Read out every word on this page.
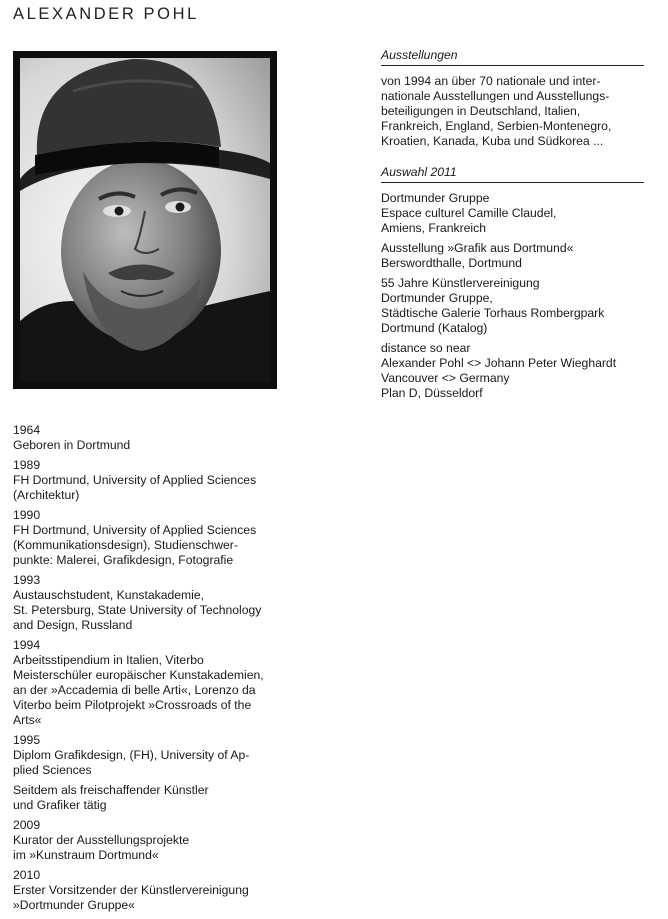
ALEXANDER POHL
1964
Geboren in Dortmund
1989
FH Dortmund, University of Applied Sciences
(Architektur)
1990
FH Dortmund, University of Applied Sciences
(Kommunikationsdesign), Studienschwer-
punkte: Malerei, Grafikdesign, Fotografie
1993
Austauschstudent, Kunstakademie,
St. Petersburg, State University of Technology
and Design, Russland
1994
Arbeitsstipendium in Italien, Viterbo
Meisterschüler europäischer Kunstakademien,
an der »Accademia di belle Arti«, Lorenzo da
Viterbo beim Pilotprojekt »Crossroads of the
Arts«
1995
Diplom Grafikdesign, (FH), University of Ap-
plied Sciences
Seitdem als freischaffender Künstler
und Grafiker tätig
2009
Kurator der Ausstellungsprojekte
im »Kunstraum Dortmund«
2010
Erster Vorsitzender der Künstlervereinigung
»Dortmunder Gruppe«
Ausstellungen

von 1994 an über 70 nationale und inter-
nationale Ausstellungen und Ausstellungs-
beteiligungen in Deutschland, Italien,
Frankreich, England, Serbien-Montenegro,
Kroatien, Kanada, Kuba und Südkorea ...

Auswahl 2011
Dortmunder Gruppe
Espace culturel Camille Claudel,
Amiens, Frankreich
Ausstellung »Grafik aus Dortmund«
Berswordthalle, Dortmund
55 Jahre Künstlervereinigung
Dortmunder Gruppe,
Städtische Galerie Torhaus Rombergpark
Dortmund (Katalog)
distance so near
Alexander Pohl <> Johann Peter Wieghardt
Vancouver <> Germany
Plan D, Düsseldorf
